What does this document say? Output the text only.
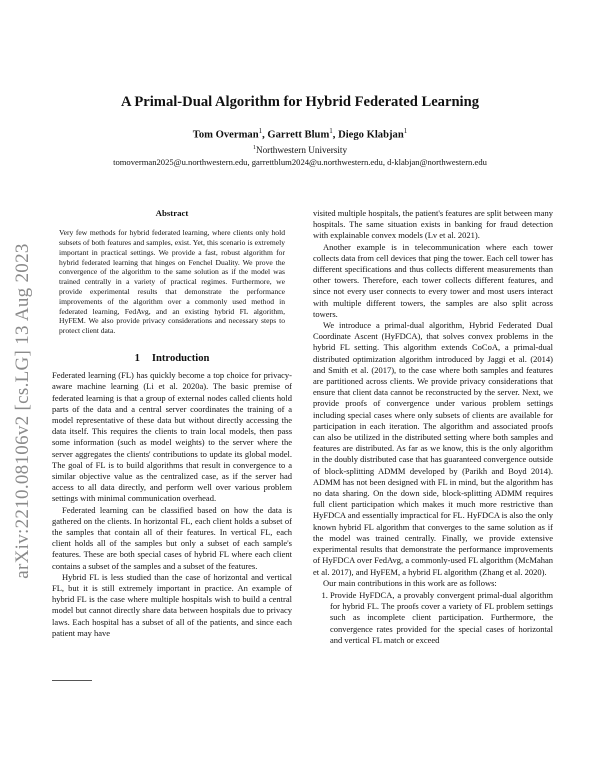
arXiv:2210.08106v2 [cs.LG] 13 Aug 2023
A Primal-Dual Algorithm for Hybrid Federated Learning
Tom Overman$^1$, Garrett Blum$^1$, Diego Klabjan$^1$
$^1$Northwestern University
tomoverman2025@u.northwestern.edu, garrettblum2024@u.northwestern.edu, d-klabjan@northwestern.edu
Abstract

Very few methods for hybrid federated learning, where clients only hold subsets of both features and samples, exist. Yet, this scenario is extremely important in practical settings. We provide a fast, robust algorithm for hybrid federated learning that hinges on Fenchel Duality. We prove the convergence of the algorithm to the same solution as if the model was trained centrally in a variety of practical regimes. Furthermore, we provide experimental results that demonstrate the performance improvements of the algorithm over a commonly used method in federated learning, FedAvg, and an existing hybrid FL algorithm, HyFEM. We also provide privacy considerations and necessary steps to protect client data.

1 Introduction

Federated learning (FL) has quickly become a top choice for privacy-aware machine learning (Li et al. 2020a). The basic premise of federated learning is that a group of external nodes called clients hold parts of the data and a central server coordinates the training of a model representative of these data but without directly accessing the data itself. This requires the clients to train local models, then pass some information (such as model weights) to the server where the server aggregates the clients' contributions to update its global model. The goal of FL is to build algorithms that result in convergence to a similar objective value as the centralized case, as if the server had access to all data directly, and perform well over various problem settings with minimal communication overhead.

Federated learning can be classified based on how the data is gathered on the clients. In horizontal FL, each client holds a subset of the samples that contain all of their features. In vertical FL, each client holds all of the samples but only a subset of each sample's features. These are both special cases of hybrid FL where each client contains a subset of the samples and a subset of the features.

Hybrid FL is less studied than the case of horizontal and vertical FL, but it is still extremely important in practice. An example of hybrid FL is the case where multiple hospitals wish to build a central model but cannot directly share data between hospitals due to privacy laws. Each hospital has a subset of all of the patients, and since each patient may have

visited multiple hospitals, the patient's features are split between many hospitals. The same situation exists in banking for fraud detection with explainable convex models (Lv et al. 2021).

Another example is in telecommunication where each tower collects data from cell devices that ping the tower. Each cell tower has different specifications and thus collects different measurements than other towers. Therefore, each tower collects different features, and since not every user connects to every tower and most users interact with multiple different towers, the samples are also split across towers.

We introduce a primal-dual algorithm, Hybrid Federated Dual Coordinate Ascent (HyFDCA), that solves convex problems in the hybrid FL setting. This algorithm extends CoCoA, a primal-dual distributed optimization algorithm introduced by Jaggi et al. (2014) and Smith et al. (2017), to the case where both samples and features are partitioned across clients. We provide privacy considerations that ensure that client data cannot be reconstructed by the server. Next, we provide proofs of convergence under various problem settings including special cases where only subsets of clients are available for participation in each iteration. The algorithm and associated proofs can also be utilized in the distributed setting where both samples and features are distributed. As far as we know, this is the only algorithm in the doubly distributed case that has guaranteed convergence outside of block-splitting ADMM developed by (Parikh and Boyd 2014). ADMM has not been designed with FL in mind, but the algorithm has no data sharing. On the down side, block-splitting ADMM requires full client participation which makes it much more restrictive than HyFDCA and essentially impractical for FL. HyFDCA is also the only known hybrid FL algorithm that converges to the same solution as if the model was trained centrally. Finally, we provide extensive experimental results that demonstrate the performance improvements of HyFDCA over FedAvg, a commonly-used FL algorithm (McMahan et al. 2017), and HyFEM, a hybrid FL algorithm (Zhang et al. 2020).

Our main contributions in this work are as follows:

1. Provide HyFDCA, a provably convergent primal-dual algorithm for hybrid FL. The proofs cover a variety of FL problem settings such as incomplete client participation. Furthermore, the convergence rates provided for the special cases of horizontal and vertical FL match or exceed
